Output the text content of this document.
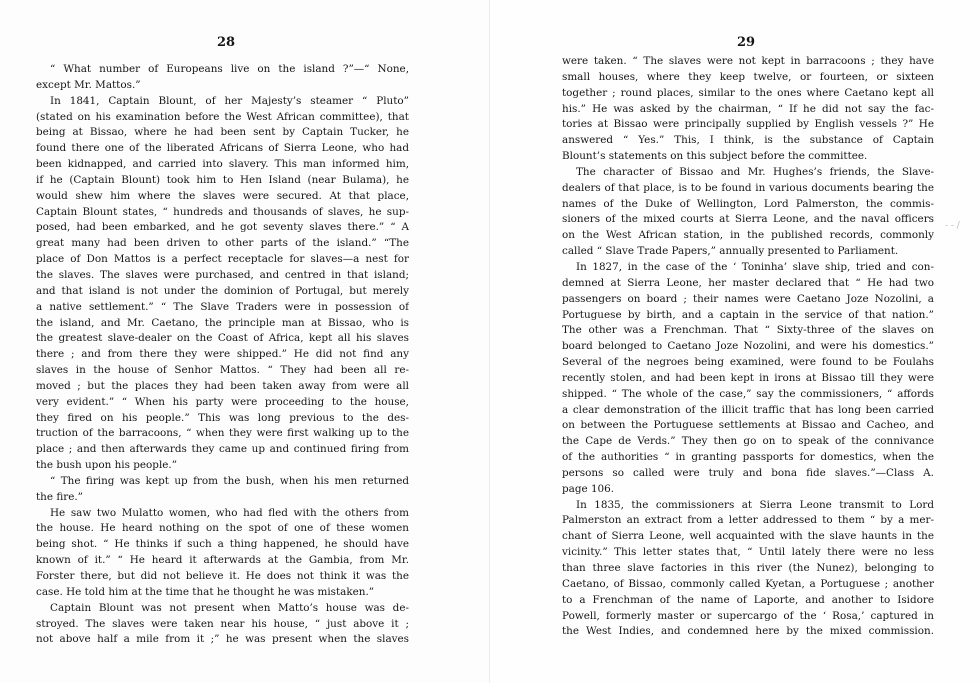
28
“ What number of Europeans live on the island ?”—“ None,
except Mr. Mattos.”
In 1841, Captain Blount, of her Majesty’s steamer “ Pluto”
(stated on his examination before the West African committee), that
being at Bissao, where he had been sent by Captain Tucker, he
found there one of the liberated Africans of Sierra Leone, who had
been kidnapped, and carried into slavery. This man informed him,
if he (Captain Blount) took him to Hen Island (near Bulama), he
would shew him where the slaves were secured. At that place,
Captain Blount states, “ hundreds and thousands of slaves, he sup-
posed, had been embarked, and he got seventy slaves there.” “ A
great many had been driven to other parts of the island.” “The
place of Don Mattos is a perfect receptacle for slaves—a nest for
the slaves. The slaves were purchased, and centred in that island;
and that island is not under the dominion of Portugal, but merely
a native settlement.” “ The Slave Traders were in possession of
the island, and Mr. Caetano, the principle man at Bissao, who is
the greatest slave-dealer on the Coast of Africa, kept all his slaves
there ; and from there they were shipped.” He did not find any
slaves in the house of Senhor Mattos. “ They had been all re-
moved ; but the places they had been taken away from were all
very evident.” “ When his party were proceeding to the house,
they fired on his people.” This was long previous to the des-
truction of the barracoons, “ when they were first walking up to the
place ; and then afterwards they came up and continued firing from
the bush upon his people.”
“ The firing was kept up from the bush, when his men returned
the fire.”
He saw two Mulatto women, who had fled with the others from
the house. He heard nothing on the spot of one of these women
being shot. “ He thinks if such a thing happened, he should have
known of it.” “ He heard it afterwards at the Gambia, from Mr.
Forster there, but did not believe it. He does not think it was the
case. He told him at the time that he thought he was mistaken.”
Captain Blount was not present when Matto’s house was de-
stroyed. The slaves were taken near his house, “ just above it ;
not above half a mile from it ;” he was present when the slaves
29
were taken. “ The slaves were not kept in barracoons ; they have
small houses, where they keep twelve, or fourteen, or sixteen
together ; round places, similar to the ones where Caetano kept all
his.” He was asked by the chairman, “ If he did not say the fac-
tories at Bissao were principally supplied by English vessels ?” He
answered “ Yes.” This, I think, is the substance of Captain
Blount’s statements on this subject before the committee.
The character of Bissao and Mr. Hughes’s friends, the Slave-
dealers of that place, is to be found in various documents bearing the
names of the Duke of Wellington, Lord Palmerston, the commis-
sioners of the mixed courts at Sierra Leone, and the naval officers
on the West African station, in the published records, commonly
called “ Slave Trade Papers,” annually presented to Parliament.
In 1827, in the case of the ‘ Toninha’ slave ship, tried and con-
demned at Sierra Leone, her master declared that “ He had two
passengers on board ; their names were Caetano Joze Nozolini, a
Portuguese by birth, and a captain in the service of that nation.”
The other was a Frenchman. That “ Sixty-three of the slaves on
board belonged to Caetano Joze Nozolini, and were his domestics.”
Several of the negroes being examined, were found to be Foulahs
recently stolen, and had been kept in irons at Bissao till they were
shipped. “ The whole of the case,” say the commissioners, “ affords
a clear demonstration of the illicit traffic that has long been carried
on between the Portuguese settlements at Bissao and Cacheo, and
the Cape de Verds.” They then go on to speak of the connivance
of the authorities “ in granting passports for domestics, when the
persons so called were truly and bona fide slaves.”—Class A.
page 106.
In 1835, the commissioners at Sierra Leone transmit to Lord
Palmerston an extract from a letter addressed to them “ by a mer-
chant of Sierra Leone, well acquainted with the slave haunts in the
vicinity.” This letter states that, “ Until lately there were no less
than three slave factories in this river (the Nunez), belonging to
Caetano, of Bissao, commonly called Kyetan, a Portuguese ; another
to a Frenchman of the name of Laporte, and another to Isidore
Powell, formerly master or supercargo of the ‘ Rosa,’ captured in
the West Indies, and condemned here by the mixed commission.
‐ ‐ /
